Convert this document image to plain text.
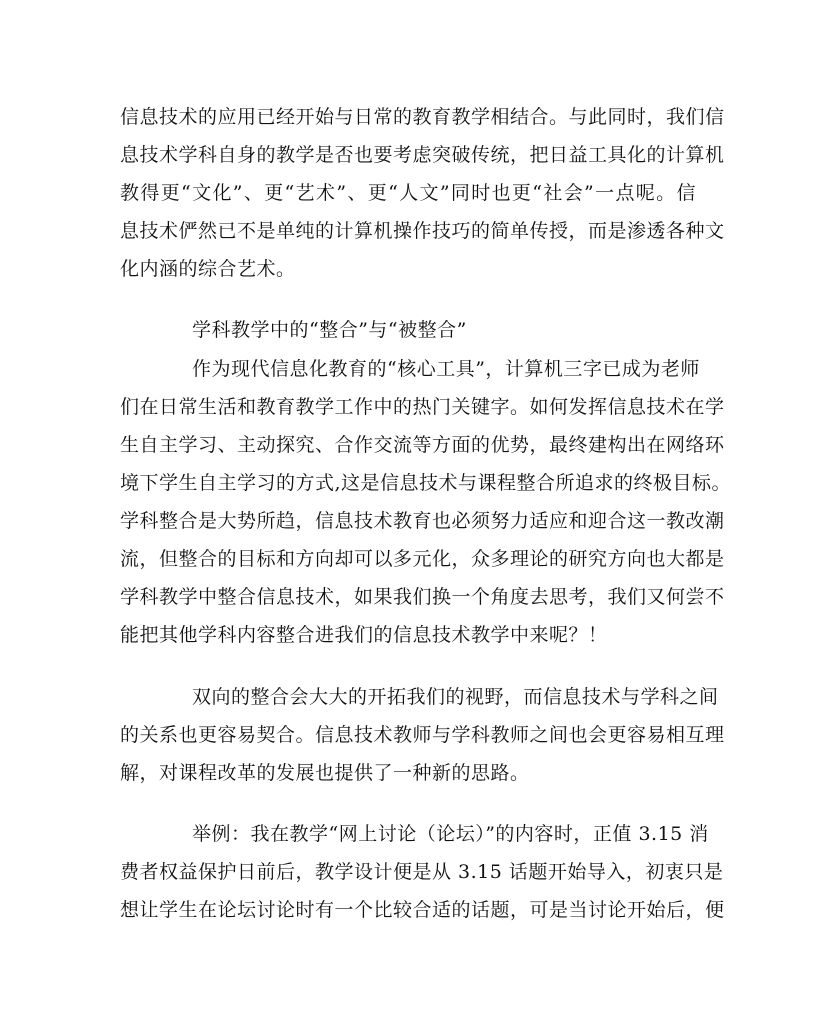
信息技术的应用已经开始与日常的教育教学相结合。与此同时，我们信
息技术学科自身的教学是否也要考虑突破传统，把日益工具化的计算机
教得更“文化”、更“艺术”、更“人文”同时也更“社会”一点呢。信
息技术俨然已不是单纯的计算机操作技巧的简单传授，而是渗透各种文
化内涵的综合艺术。
学科教学中的“整合”与“被整合”
作为现代信息化教育的“核心工具”，计算机三字已成为老师
们在日常生活和教育教学工作中的热门关键字。如何发挥信息技术在学
生自主学习、主动探究、合作交流等方面的优势，最终建构出在网络环
境下学生自主学习的方式,这是信息技术与课程整合所追求的终极目标。
学科整合是大势所趋，信息技术教育也必须努力适应和迎合这一教改潮
流，但整合的目标和方向却可以多元化，众多理论的研究方向也大都是
学科教学中整合信息技术，如果我们换一个角度去思考，我们又何尝不
能把其他学科内容整合进我们的信息技术教学中来呢？！
双向的整合会大大的开拓我们的视野，而信息技术与学科之间
的关系也更容易契合。信息技术教师与学科教师之间也会更容易相互理
解，对课程改革的发展也提供了一种新的思路。
举例：我在教学“网上讨论（论坛）”的内容时，正值 3.15 消
费者权益保护日前后，教学设计便是从 3.15 话题开始导入，初衷只是
想让学生在论坛讨论时有一个比较合适的话题，可是当讨论开始后，便
